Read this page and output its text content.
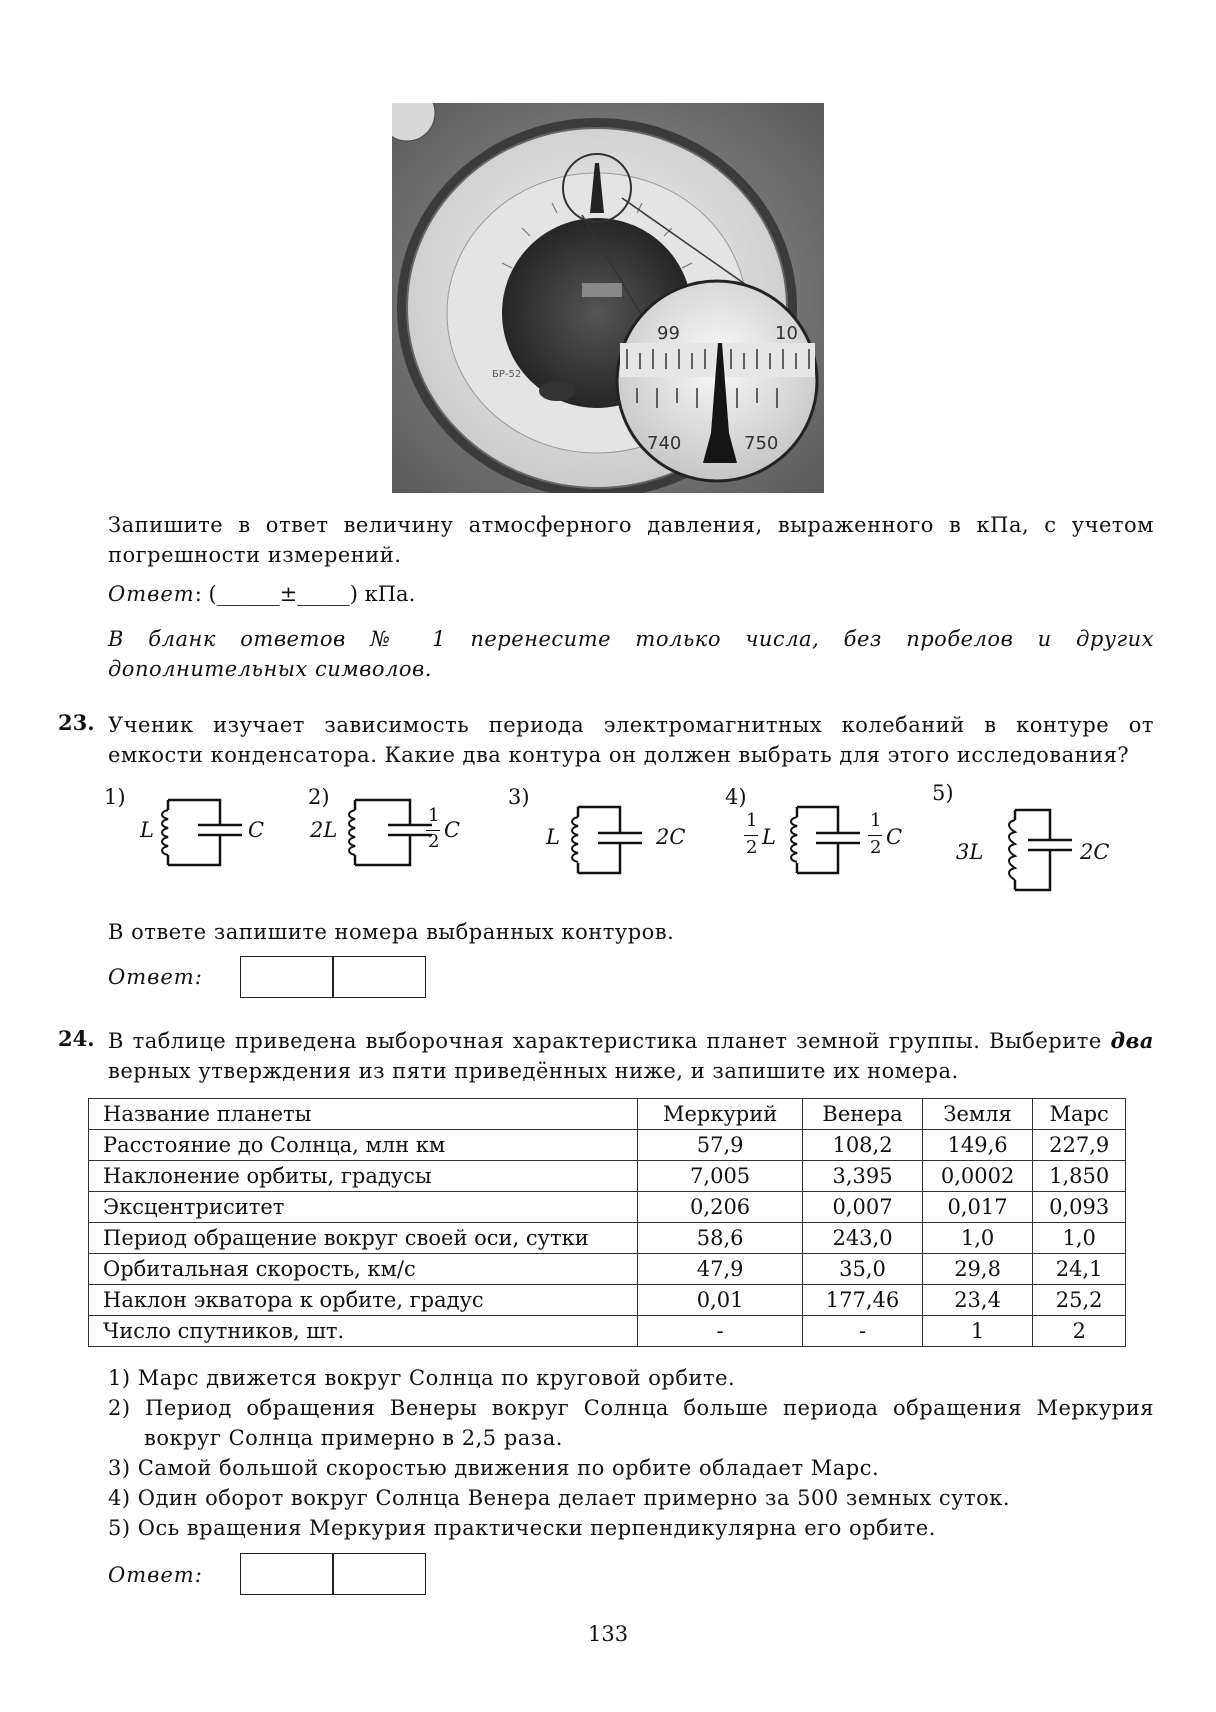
БР-52
99	10
740	750
Запишите в ответ величину атмосферного давления, выраженного в кПа, с учетом погрешности измерений.
Ответ: (______±_____) кПа.
В бланк ответов № 1 перенесите только числа, без пробелов и других дополнительных символов.
23. Ученик изучает зависимость периода электромагнитных колебаний в контуре от емкости конденсатора. Какие два контура он должен выбрать для этого исследования?
1)
L	C
2)
2L
1
2 C
3)
L	2C
4)
1
2 L
1
2 C
5)
3L	2C
В ответе запишите номера выбранных контуров.
Ответ:
24. В таблице приведена выборочная характеристика планет земной группы. Выберите два верных утверждения из пяти приведённых ниже, и запишите их номера.
Название планеты	Меркурий	Венера	Земля	Марс
Расстояние до Солнца, млн км	57,9	108,2	149,6	227,9
Наклонение орбиты, градусы	7,005	3,395	0,0002	1,850
Эксцентриситет	0,206	0,007	0,017	0,093
Период обращение вокруг своей оси, сутки	58,6	243,0	1,0	1,0
Орбитальная скорость, км/с	47,9	35,0	29,8	24,1
Наклон экватора к орбите, градус	0,01	177,46	23,4	25,2
Число спутников, шт.	-	-	1	2
1) Марс движется вокруг Солнца по круговой орбите.
2) Период обращения Венеры вокруг Солнца больше периода обращения Меркурия вокруг Солнца примерно в 2,5 раза.
3) Самой большой скоростью движения по орбите обладает Марс.
4) Один оборот вокруг Солнца Венера делает примерно за 500 земных суток.
5) Ось вращения Меркурия практически перпендикулярна его орбите.
Ответ:
133
